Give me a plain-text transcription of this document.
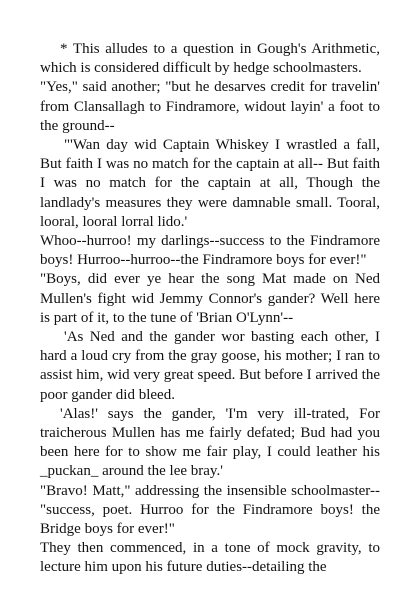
* This alludes to a question in Gough's Arithmetic, which is considered difficult by hedge schoolmasters.

"Yes," said another; "but he desarves credit for travelin' from Clansallagh to Findramore, widout layin' a foot to the ground--

"'Wan day wid Captain Whiskey I wrastled a fall, But faith I was no match for the captain at all-- But faith I was no match for the captain at all, Though the landlady's measures they were damnable small. Tooral, looral, looral lorral lido.'

Whoo--hurroo! my darlings--success to the Findramore boys! Hurroo--hurroo--the Findramore boys for ever!"

"Boys, did ever ye hear the song Mat made on Ned Mullen's fight wid Jemmy Connor's gander? Well here is part of it, to the tune of 'Brian O'Lynn'--

'As Ned and the gander wor basting each other, I hard a loud cry from the gray goose, his mother; I ran to assist him, wid very great speed. But before I arrived the poor gander did bleed.

'Alas!' says the gander, 'I'm very ill-trated, For traicherous Mullen has me fairly defated; Bud had you been here for to show me fair play, I could leather his _puckan_ around the lee bray.'

"Bravo! Matt," addressing the insensible schoolmaster--"success, poet. Hurroo for the Findramore boys! the Bridge boys for ever!"

They then commenced, in a tone of mock gravity, to lecture him upon his future duties--detailing the
